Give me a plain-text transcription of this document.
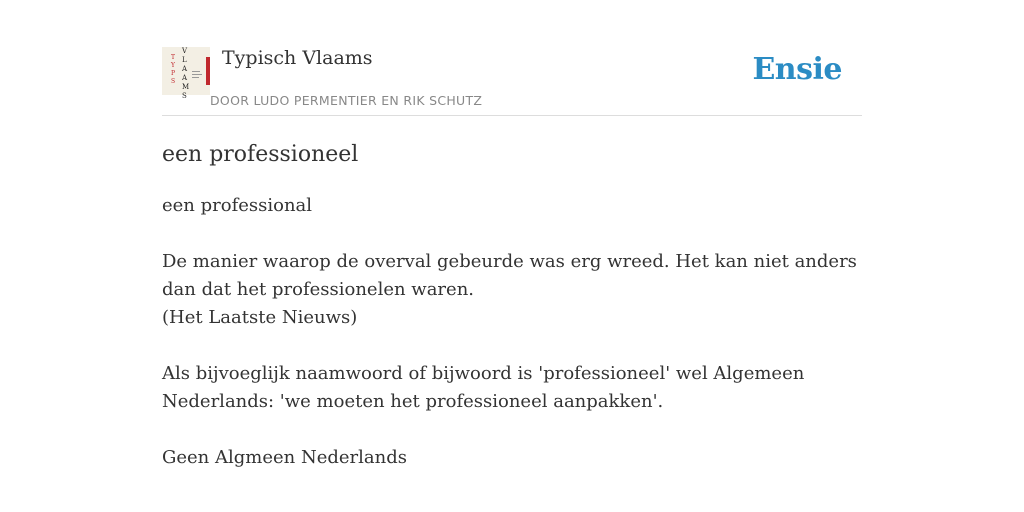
T
Y
P
S
V
L
A
A
M
S
Typisch Vlaams
DOOR LUDO PERMENTIER EN RIK SCHUTZ
Ensie
een professioneel

een professional

De manier waarop de overval gebeurde was erg wreed. Het kan niet anders dan dat het professionelen waren.
(Het Laatste Nieuws)

Als bijvoeglijk naamwoord of bijwoord is 'professioneel' wel Algemeen Nederlands: 'we moeten het professioneel aanpakken'.

Geen Algmeen Nederlands
